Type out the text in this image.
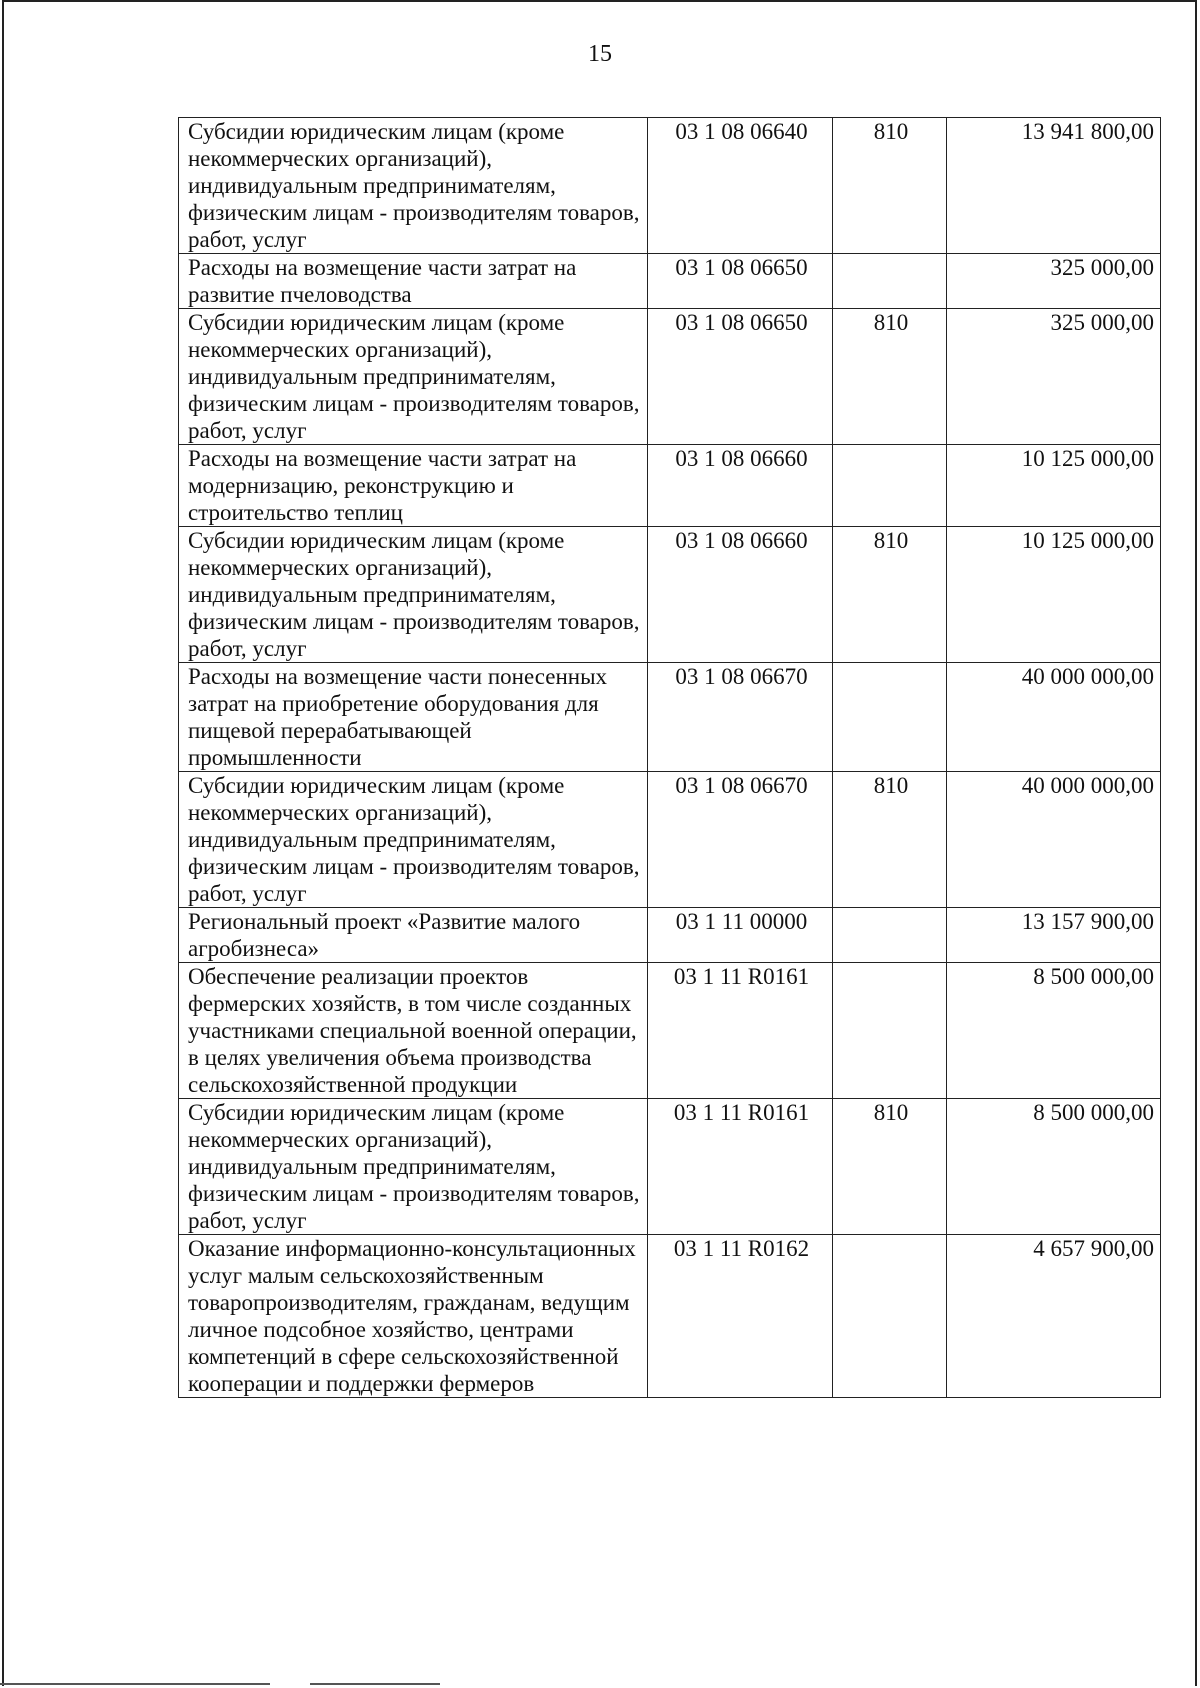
15
Субсидии юридическим лицам (кроме некоммерческих организаций), индивидуальным предпринимателям, физическим лицам - производителям товаров, работ, услуг	03 1 08 06640	810	13 941 800,00
Расходы на возмещение части затрат на развитие пчеловодства	03 1 08 06650		325 000,00
Субсидии юридическим лицам (кроме некоммерческих организаций), индивидуальным предпринимателям, физическим лицам - производителям товаров, работ, услуг	03 1 08 06650	810	325 000,00
Расходы на возмещение части затрат на модернизацию, реконструкцию и строительство теплиц	03 1 08 06660		10 125 000,00
Субсидии юридическим лицам (кроме некоммерческих организаций), индивидуальным предпринимателям, физическим лицам - производителям товаров, работ, услуг	03 1 08 06660	810	10 125 000,00
Расходы на возмещение части понесенных затрат на приобретение оборудования для пищевой перерабатывающей промышленности	03 1 08 06670		40 000 000,00
Субсидии юридическим лицам (кроме некоммерческих организаций), индивидуальным предпринимателям, физическим лицам - производителям товаров, работ, услуг	03 1 08 06670	810	40 000 000,00
Региональный проект «Развитие малого агробизнеса»	03 1 11 00000		13 157 900,00
Обеспечение реализации проектов фермерских хозяйств, в том числе созданных участниками специальной военной операции, в целях увеличения объема производства сельскохозяйственной продукции	03 1 11 R0161		8 500 000,00
Субсидии юридическим лицам (кроме некоммерческих организаций), индивидуальным предпринимателям, физическим лицам - производителям товаров, работ, услуг	03 1 11 R0161	810	8 500 000,00
Оказание информационно-консультационных услуг малым сельскохозяйственным товаропроизводителям, гражданам, ведущим личное подсобное хозяйство, центрами компетенций в сфере сельскохозяйственной кооперации и поддержки фермеров	03 1 11 R0162		4 657 900,00
